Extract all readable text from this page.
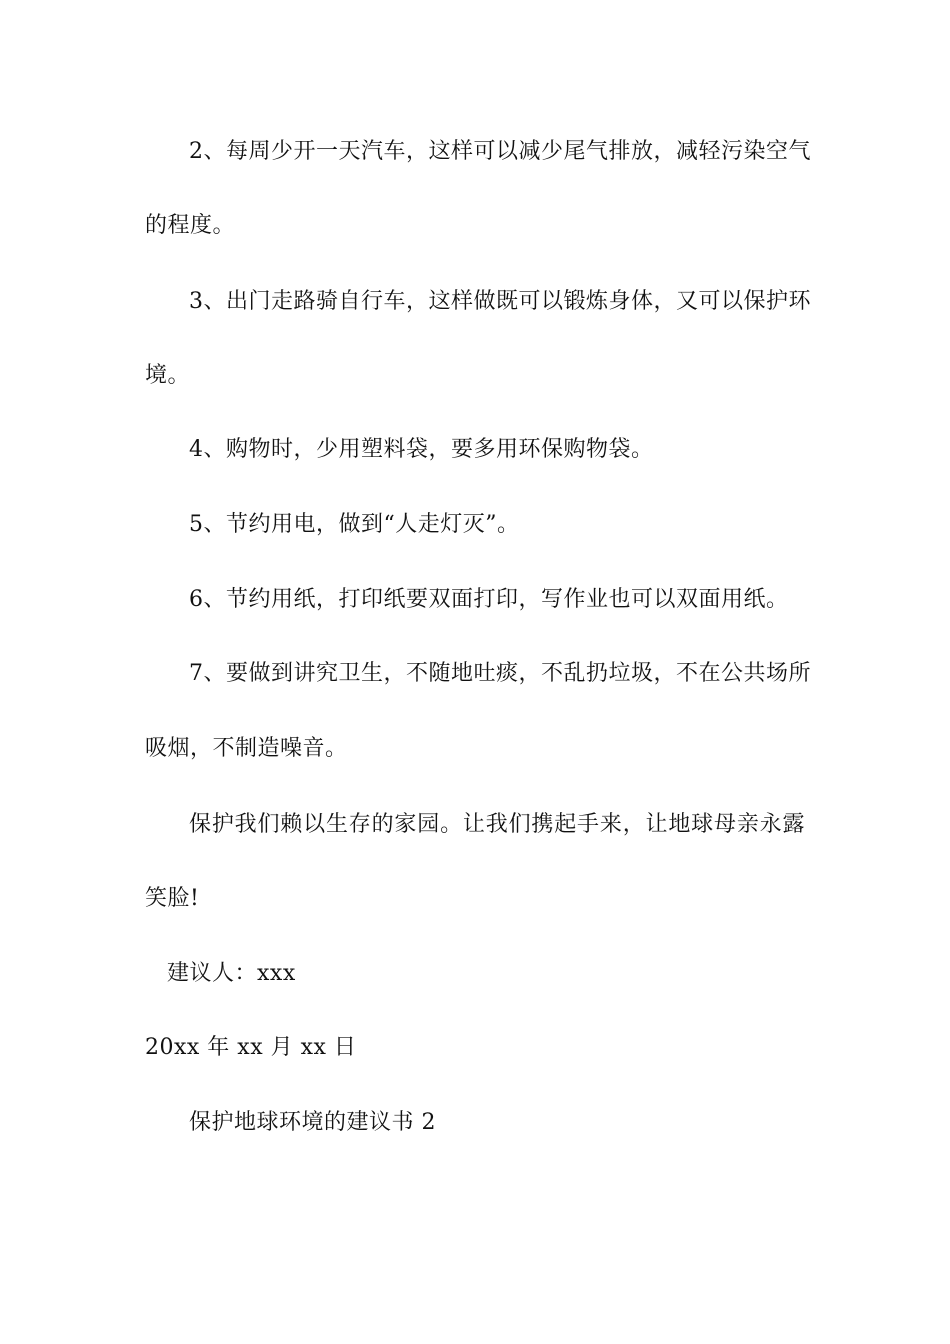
2、每周少开一天汽车，这样可以减少尾气排放，减轻污染空气
的程度。
3、出门走路骑自行车，这样做既可以锻炼身体，又可以保护环
境。
4、购物时，少用塑料袋，要多用环保购物袋。
5、节约用电，做到“人走灯灭”。
6、节约用纸，打印纸要双面打印，写作业也可以双面用纸。
7、要做到讲究卫生，不随地吐痰，不乱扔垃圾，不在公共场所
吸烟，不制造噪音。
保护我们赖以生存的家园。让我们携起手来，让地球母亲永露
笑脸!
建议人：xxx
20xx 年 xx 月 xx 日
保护地球环境的建议书 2
